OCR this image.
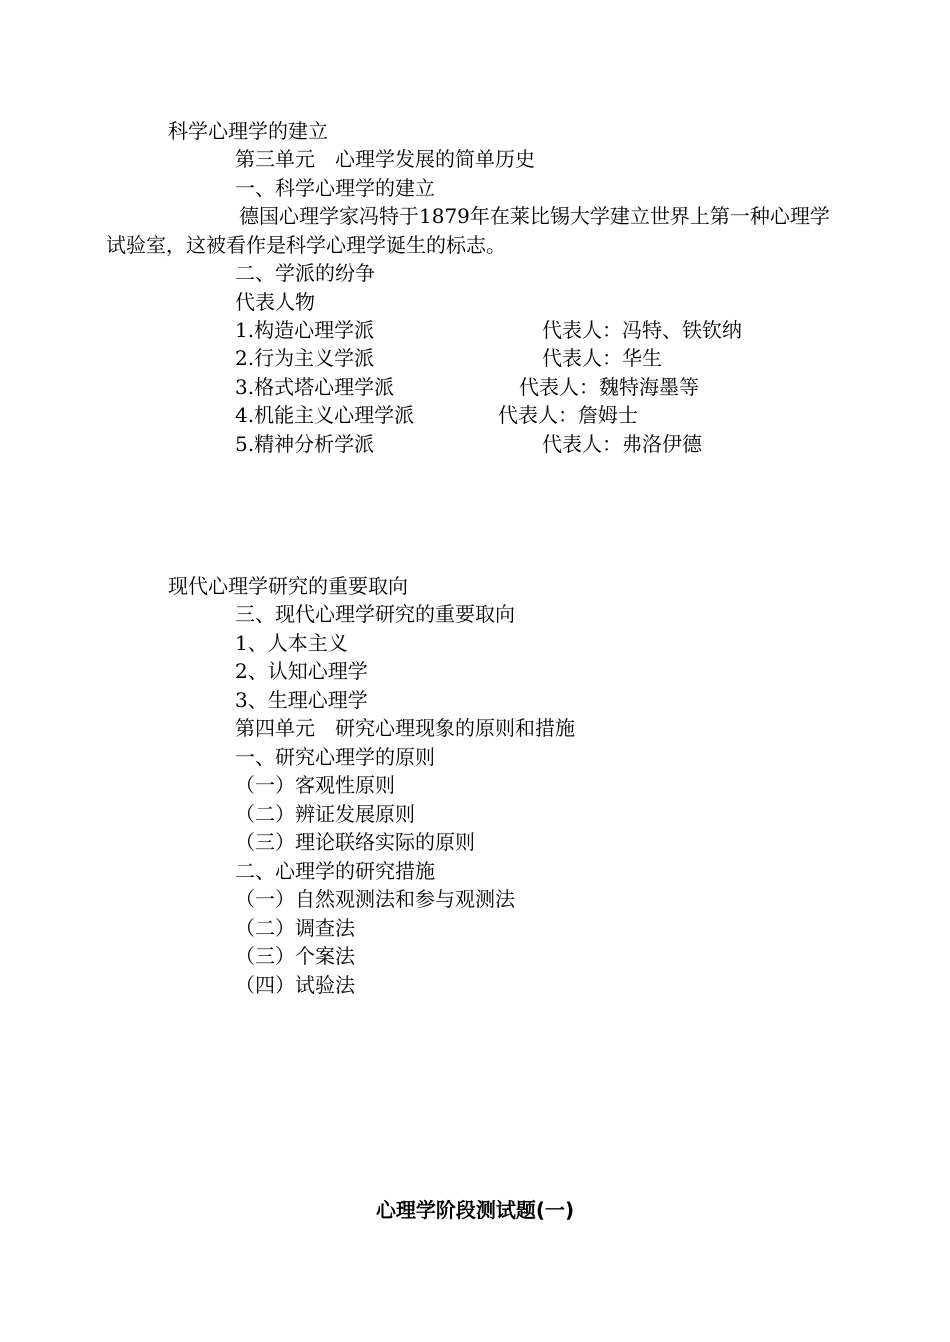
科学心理学的建立
第三单元　心理学发展的简单历史
一、科学心理学的建立
德国心理学家冯特于1879年在莱比锡大学建立世界上第一种心理学试验室，这被看作是科学心理学诞生的标志。
二、学派的纷争
代表人物
1.构造心理学派	代表人：冯特、铁钦纳
2.行为主义学派	代表人：华生
3.格式塔心理学派	代表人：魏特海墨等
4.机能主义心理学派	代表人：詹姆士
5.精神分析学派	代表人：弗洛伊德
现代心理学研究的重要取向
三、现代心理学研究的重要取向
1、人本主义
2、认知心理学
3、生理心理学
第四单元　研究心理现象的原则和措施
一、研究心理学的原则
（一）客观性原则
（二）辨证发展原则
（三）理论联络实际的原则
二、心理学的研究措施
（一）自然观测法和参与观测法
（二）调查法
（三）个案法
（四）试验法
心理学阶段测试题(一)
